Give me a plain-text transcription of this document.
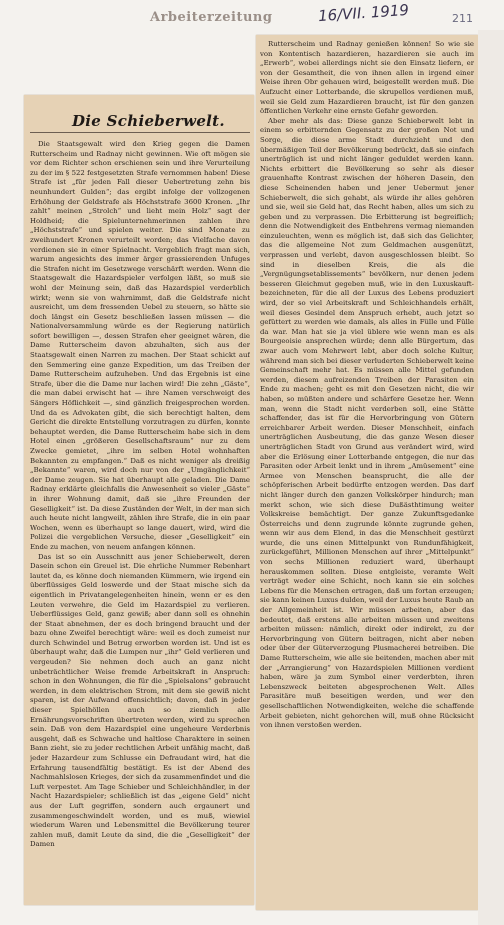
Arbeiterzeitung	16/VII. 1919	211
Die Schieberwelt.

Die Staatsgewalt wird den Krieg gegen die Damen Rutterscheim und Radnay nicht gewinnen. Wie oft mögen sie vor dem Richter schon erschienen sein und ihre Verurteilung zu der im § 522 festgesetzten Strafe vernommen haben! Diese Strafe ist „für jeden Fall dieser Uebertretung zehn bis neunhundert Gulden“; das ergibt infolge der vollzogenen Erhöhung der Geldstrafe als Höchststrafe 3600 Kronen. „Ihr zahlt“ meinen „Strolch“ und lieht mein Holz“ sagt der Holdheid; die Spielunternehmerinnen zahlen ihre „Höchststrafe“ und spielen weiter. Die sind Monate zu zweihundert Kronen verurteilt worden; das Vielfache davon verdienen sie in einer Spielnacht. Vergeblich fragt man sich, warum angesichts des immer ärger grassierenden Unfuges die Strafen nicht im Gesetzwege verschärft werden. Wenn die Staatsgewalt die Hazardspieler verfolgen läßt, so muß sie wohl der Meinung sein, daß das Hazardspiel verderblich wirkt; wenn sie von wahrnimmt, daß die Geldstrafe nicht ausreicht, um dem fressenden Uebel zu steuern, so hätte sie doch längst ein Gesetz beschließen lassen müssen — die Nationalversammlung würde es der Regierung natürlich sofort bewilligen —, dessen Strafen eher geeignet wären, die Dame Rutterscheim davon abzuhalten, sich aus der Staatsgewalt einen Narren zu machen. Der Staat schickt auf den Semmering eine ganze Expedition, um das Treiben der Dame Rutterscheim aufzuheben. Und das Ergebnis ist eine Strafe, über die die Dame nur lachen wird! Die zehn „Gäste“, die man dabei erwischt hat — ihre Namen verschweigt des Sängers Höflichkeit —, sind gänzlich freigesprochen worden. Und da es Advokaten gibt, die sich berechtigt halten, dem Gericht die direkte Entstellung vorzutragen zu dürfen, konnte behauptet werden, die Dame Rutterscheim habe sich in dem Hotel einen „größeren Gesellschaftsraum“ nur zu dem Zwecke gemietet, „ihre im selben Hotel wohnhaften Bekannten zu empfangen.“ Daß es nicht weniger als dreißig „Bekannte“ waren, wird doch nur von der „Umgänglichkeit“ der Dame zeugen. Sie hat überhaupt alle geladen. Die Dame Radnay erklärte gleichfalls die Anwesenheit so vieler „Gäste“ in ihrer Wohnung damit, daß sie „ihre Freunden der Geselligkeit“ ist. Da diese Zuständen der Welt, in der man sich auch heute nicht langweilt, zählen ihre Strafe, die in ein paar Wochen, wenn es überhaupt so lange dauert, wird, wird die Polizei die vergeblichen Versuche, dieser „Geselligkeit“ ein Ende zu machen, von neuem anfangen können.

Das ist so ein Ausschnitt aus jener Schieberwelt, deren Dasein schon ein Greuel ist. Die ehrliche Nummer Rebenhart lautet da, es könne doch niemanden Kümmern, wie irgend ein überflüssiges Geld loswerde und der Staat mische sich da eigentlich in Privatangelegenheiten hinein, wenn er es den Leuten verwehre, die Geld im Hazardspiel zu verlieren. Ueberflüssiges Geld, ganz gewiß; aber dann soll es ohnehin der Staat abnehmen, der es doch bringend braucht und der bazu ohne Zweifel berechtigt wäre: weil es doch zumeist nur durch Schwindel und Betrug erworben worden ist. Und ist es überhaupt wahr, daß die Lumpen nur „ihr“ Geld verlieren und vergeuden? Sie nehmen doch auch an ganz nicht unbeträchtlicher Weise fremde Arbeitskraft in Anspruch: schon in den Wohnungen, die für die „Spielsalons“ gebraucht werden, in dem elektrischen Strom, mit dem sie gewiß nicht sparen, ist der Aufwand offensichtlich; davon, daß in jeder dieser Spielhöllen auch so ziemlich alle Ernährungsvorschriften übertreten werden, wird zu sprechen sein. Daß von dem Hazardspiel eine ungeheure Verderbnis ausgeht, daß es Schwache und haltlose Charaktere in seinen Bann zieht, sie zu jeder rechtlichen Arbeit unfähig macht, daß jeder Hazardeur zum Schlusse ein Defraudant wird, hat die Erfahrung tausendfältig bestätigt. Es ist der Abend des Nachmahlslosen Krieges, der sich da zusammenfindet und die Luft verpestet. Am Tage Schieber und Schleichhändler, in der Nacht Hazardspieler; schließlich ist das „eigene Geld“ nicht aus der Luft gegriffen, sondern auch ergaunert und zusammengeschwindelt worden, und es muß, wiewiel wiederum Waren und Lebensmittel die Bevölkerung teurer zahlen muß, damit Leute da sind, die die „Geselligkeit“ der Damen

Rutterscheim und Radnay genießen können! So wie sie von Kontentisch hazardieren, hazardieren sie auch im „Erwerb“, wobei allerdings nicht sie den Einsatz liefern, er von der Gesamtheit, die von ihnen allen in irgend einer Weise ihren Obr gehauen wird, beigestellt werden muß. Die Aufzucht einer Lotterbande, die skrupellos verdienen muß, weil sie Geld zum Hazardieren braucht, ist für den ganzen öffentlichen Verkehr eine ernste Gefahr geworden.

Aber mehr als das: Diese ganze Schieberwelt lebt in einem so erbitternden Gegensatz zu der großen Not und Sorge, die diese arme Stadt durchzieht und den übermäßigen Teil der Bevölkerung bedrückt, daß sie einfach unerträglich ist und nicht länger geduldet werden kann. Nichts erbittert die Bevölkerung so sehr als dieser grauenhafte Kontrast zwischen der höheren Dasein, den diese Scheinenden haben und jener Uebermut jener Schieberwelt, die sich gehabt, als würde ihr alles gehören und sie, weil sie Geld hat, das Recht haben, alles um sich zu geben und zu verprassen. Die Erbitterung ist begreiflich; denn die Notwendigkeit des Entbehrens vermag niemanden einzuleuchten, wenn es möglich ist, daß sich das Gelichter, das die allgemeine Not zum Geldmachen ausgenützt, verprassen und verlebt, davon ausgeschlossen bleibt. So sind in dieselben Kreis, die als die „Vergnügungsetablissements“ bevölkern, nur denen jedem besseren Gleichmut gegeben muß, wie in den Luxuskauft-bezeichneten, für die all der Luxus des Lebens produziert wird, der so viel Arbeitskraft und Schleichhandels erhält, weil dieses Gesindel dem Anspruch erhebt, auch jetzt so gefüttert zu werden wie damals, als alles in Fülle und Fülle da war. Man hat sie ja viel üblere wie wenn man es als Bourgeoisie ansprechen würde; denn alle Bürgertum, das zwar auch vom Mehrwert lebt, aber doch solche Kultur, während man sich bei dieser verluderten Schieberwelt keine Gemeinschaft mehr hat. Es müssen alle Mittel gefunden werden, diesem aufreizenden Treiben der Parasiten ein Ende zu machen; geht es mit den Gesetzen nicht, die wir haben, so müßten andere und schärfere Gesetze her. Wenn man, wenn die Stadt nicht verderben soll, eine Stätte schaffender, das ist für die Hervorbringung von Gütern erreichbarer Arbeit werden. Dieser Menschheit, einfach unerträglichen Ausbeutung, die das ganze Wesen dieser unerträglichen Stadt von Grund aus verändert wird, wird aber die Erlösung einer Lotterbande entgegen, die nur das Parasiten oder Arbeit lenkt und in ihrem „Amüsement“ eine Armee von Menschen beansprucht, die alle der schöpferischen Arbeit bedürfte entzogen werden. Das darf nicht länger durch den ganzen Volkskörper hindurch; man merkt schon, wie sich diese Dußästhtimung weiter Volkskreise bemächtigt. Der ganze Zukunftsgedanke Österreichs und denn zugrunde könnte zugrunde gehen, wenn wir aus dem Elend, in das die Menschheit gestürzt wurde, die uns einen Mittelpunkt von Rundunfähigkeit, zurückgeführt, Millionen Menschen auf ihrer „Mittelpunkt“ von sechs Millionen reduziert ward, überhaupt herauskommen sollten. Diese entgleiste, veramte Welt verträgt weder eine Schicht, noch kann sie ein solches Lebens für die Menschen ertragen, daß um fortan erzeugen; sie kann keinen Luxus dulden, weil der Luxus heute Raub an der Allgemeinheit ist. Wir müssen arbeiten, aber das bedeutet, daß erstens alle arbeiten müssen und zweitens arbeiten müssen: nämlich, direkt oder indirekt, zu der Hervorbringung von Gütern beitragen, nicht aber neben oder über der Güterverzogung Plusmacherei betreiben. Die Dame Rutterscheim, wie alle sie beitenden, machen aber mit der „Arrangierung“ von Hazardspielen Millionen verdient haben, wäre ja zum Symbol einer verderbten, ihren Lebenszweck beiteten abgesprochenen Welt. Alles Parasitäre muß beseitigen werden, und wer den gesellschaftlichen Notwendigkeiten, welche die schaffende Arbeit gebieten, nicht gehorchen will, muß ohne Rücksicht von ihnen verstoßen werden.
